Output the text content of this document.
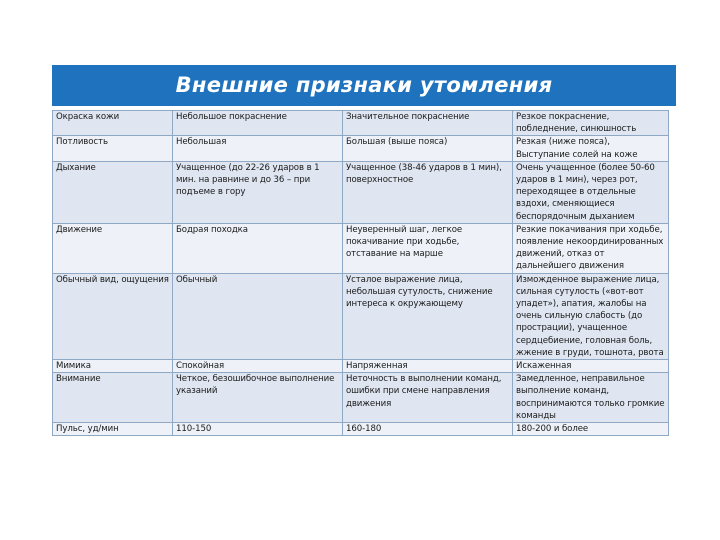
Внешние признаки утомления
Окраска кожи	Небольшое покраснение	Значительное покраснение	Резкое покраснение, побледнение, синюшность
Потливость	Небольшая	Большая (выше пояса)	Резкая (ниже пояса), Выступание солей на коже
Дыхание	Учащенное (до 22-26 ударов в 1 мин. на равнине и до 36 – при подъеме в гору	Учащенное (38-46 ударов в 1 мин), поверхностное	Очень учащенное (более 50-60 ударов в 1 мин), через рот, переходящее в отдельные вздохи, сменяющиеся беспорядочным дыханием
Движение	Бодрая походка	Неуверенный шаг, легкое покачивание при ходьбе, отставание на марше	Резкие покачивания при ходьбе, появление некоординированных движений, отказ от дальнейшего движения
Обычный вид, ощущения	Обычный	Усталое выражение лица, небольшая сутулость, снижение интереса к окружающему	Изможденное выражение лица, сильная сутулость («вот-вот упадет»), апатия, жалобы на очень сильную слабость (до прострации), учащенное сердцебиение, головная боль, жжение в груди, тошнота, рвота
Мимика	Спокойная	Напряженная	Искаженная
Внимание	Четкое, безошибочное выполнение указаний	Неточность в выполнении команд, ошибки при смене направления движения	Замедленное, неправильное выполнение команд, воспринимаются только громкие команды
Пульс, уд/мин	110-150	160-180	180-200 и более
